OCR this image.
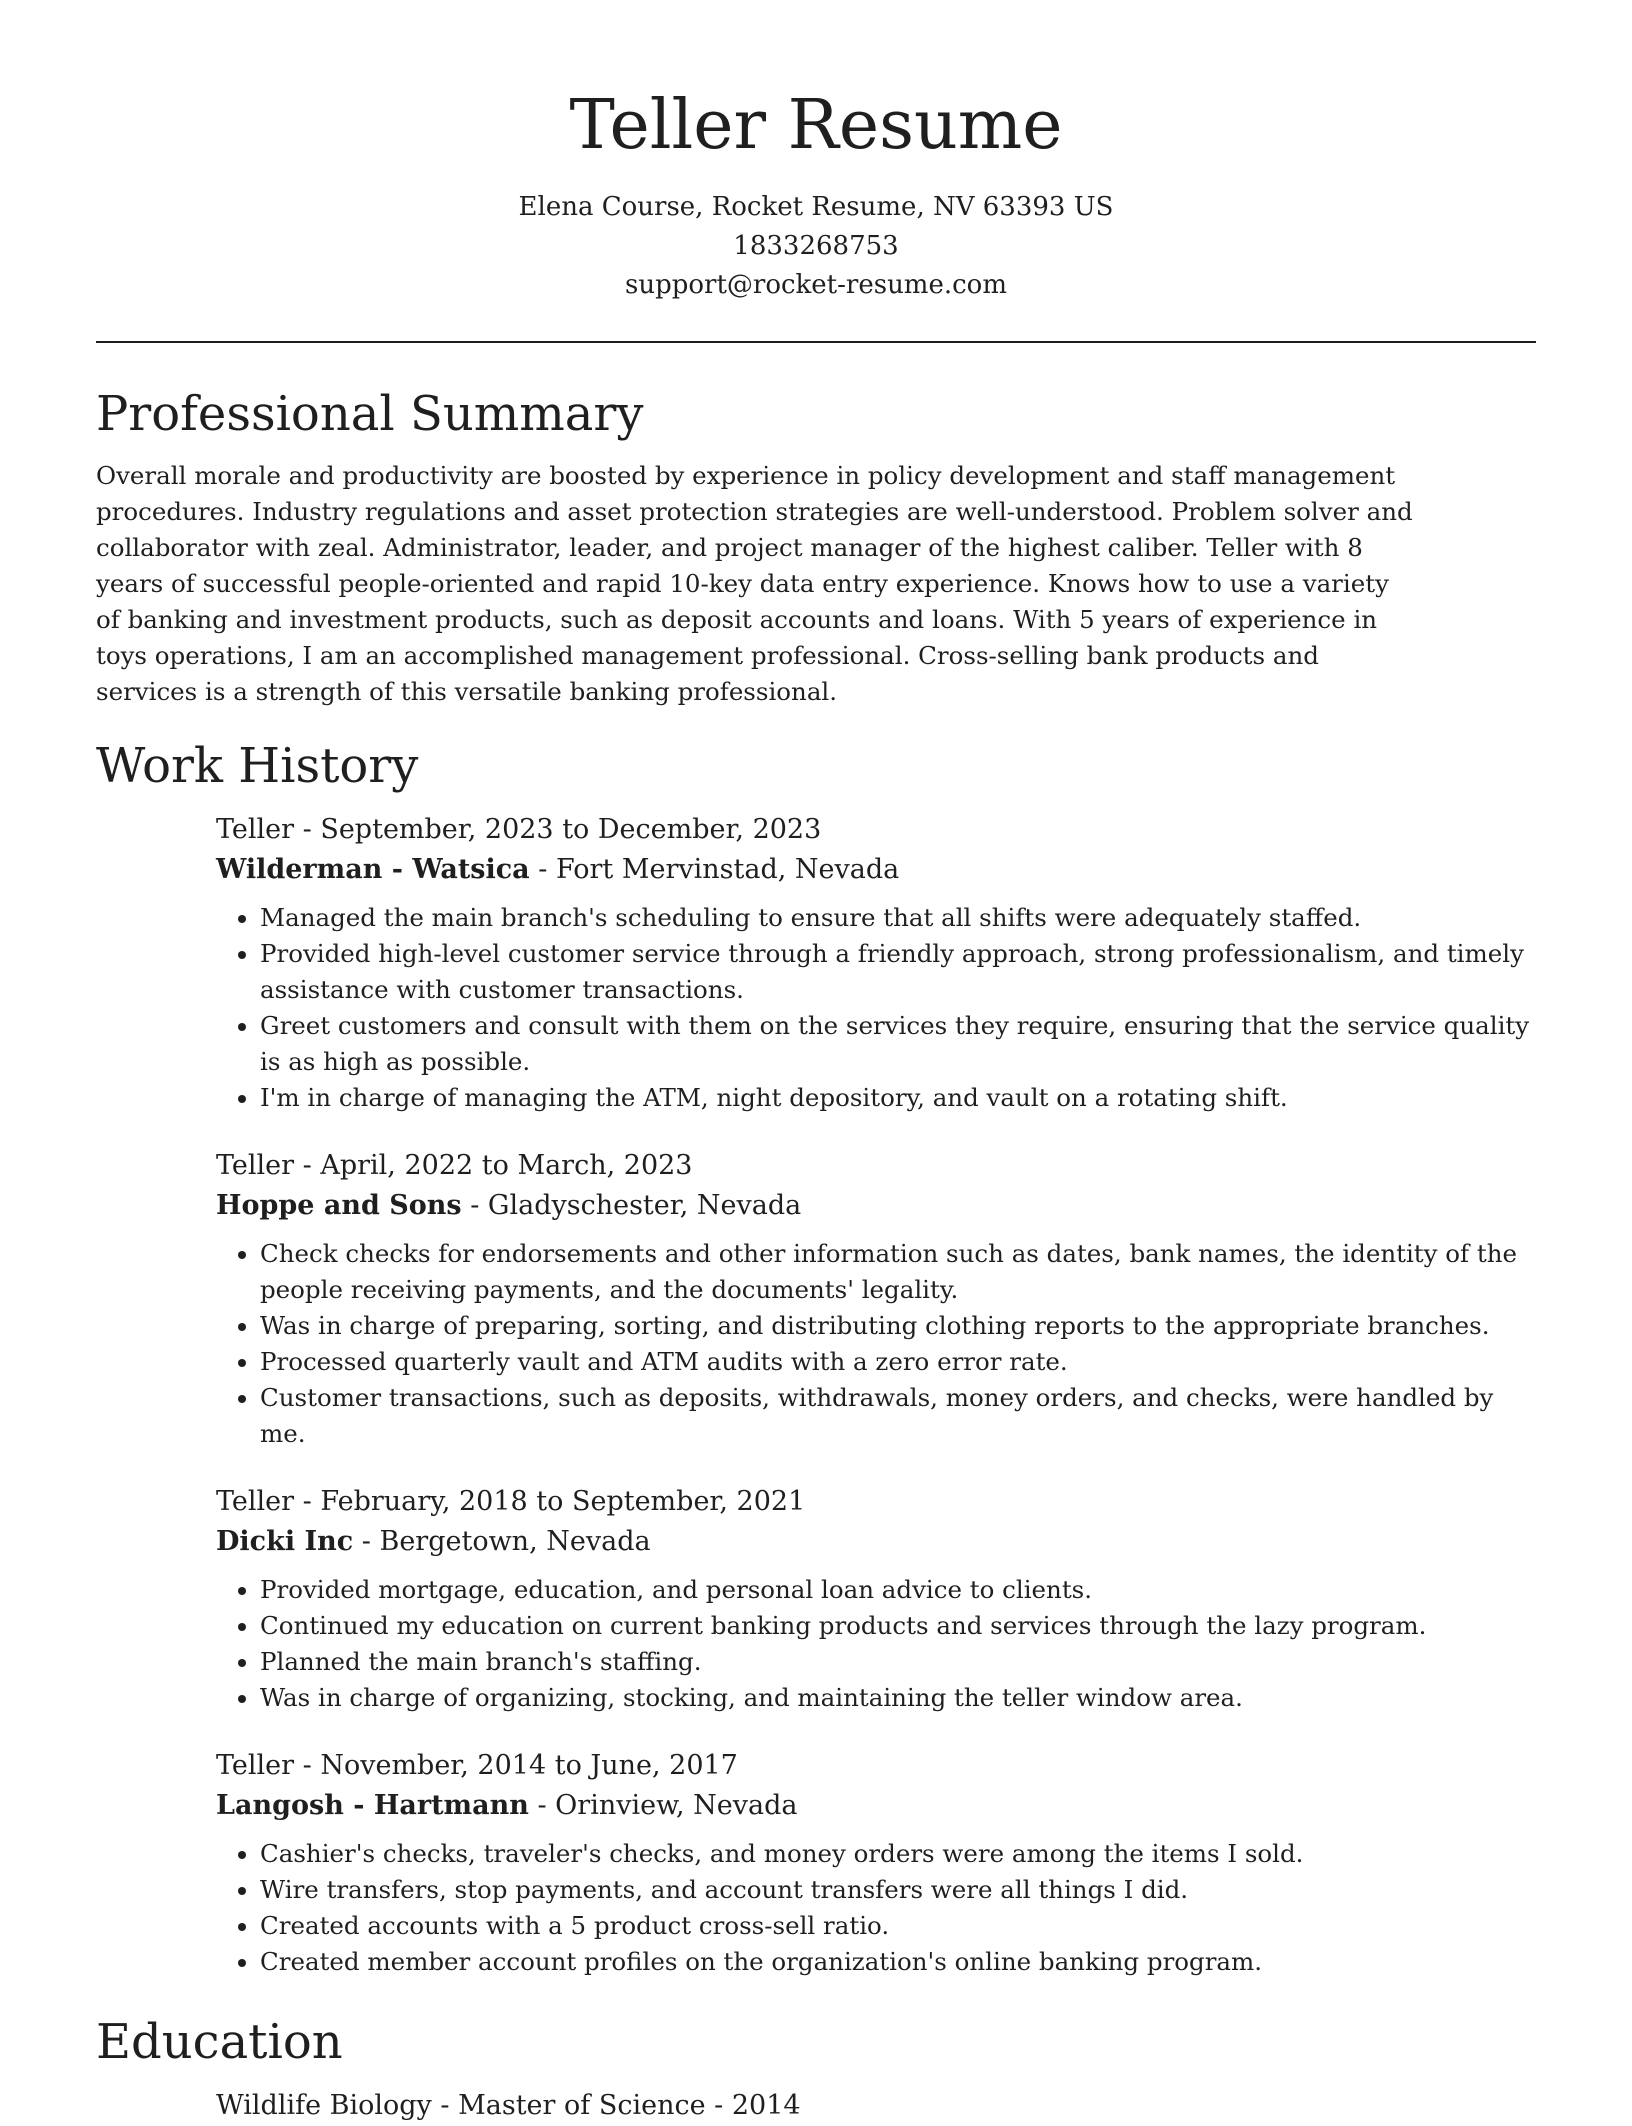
Teller Resume
Elena Course, Rocket Resume, NV 63393 US
1833268753
support@rocket-resume.com
Professional Summary

Overall morale and productivity are boosted by experience in policy development and staff management procedures. Industry regulations and asset protection strategies are well-understood. Problem solver and collaborator with zeal. Administrator, leader, and project manager of the highest caliber. Teller with 8 years of successful people-oriented and rapid 10-key data entry experience. Knows how to use a variety of banking and investment products, such as deposit accounts and loans. With 5 years of experience in toys operations, I am an accomplished management professional. Cross-selling bank products and services is a strength of this versatile banking professional.

Work History
Teller - September, 2023 to December, 2023
Wilderman - Watsica - Fort Mervinstad, Nevada
• Managed the main branch's scheduling to ensure that all shifts were adequately staffed.
• Provided high-level customer service through a friendly approach, strong professionalism, and timely assistance with customer transactions.
• Greet customers and consult with them on the services they require, ensuring that the service quality is as high as possible.
• I'm in charge of managing the ATM, night depository, and vault on a rotating shift.
Teller - April, 2022 to March, 2023
Hoppe and Sons - Gladyschester, Nevada
• Check checks for endorsements and other information such as dates, bank names, the identity of the people receiving payments, and the documents' legality.
• Was in charge of preparing, sorting, and distributing clothing reports to the appropriate branches.
• Processed quarterly vault and ATM audits with a zero error rate.
• Customer transactions, such as deposits, withdrawals, money orders, and checks, were handled by me.
Teller - February, 2018 to September, 2021
Dicki Inc - Bergetown, Nevada
• Provided mortgage, education, and personal loan advice to clients.
• Continued my education on current banking products and services through the lazy program.
• Planned the main branch's staffing.
• Was in charge of organizing, stocking, and maintaining the teller window area.
Teller - November, 2014 to June, 2017
Langosh - Hartmann - Orinview, Nevada
• Cashier's checks, traveler's checks, and money orders were among the items I sold.
• Wire transfers, stop payments, and account transfers were all things I did.
• Created accounts with a 5 product cross-sell ratio.
• Created member account profiles on the organization's online banking program.
Education
Wildlife Biology - Master of Science - 2014
